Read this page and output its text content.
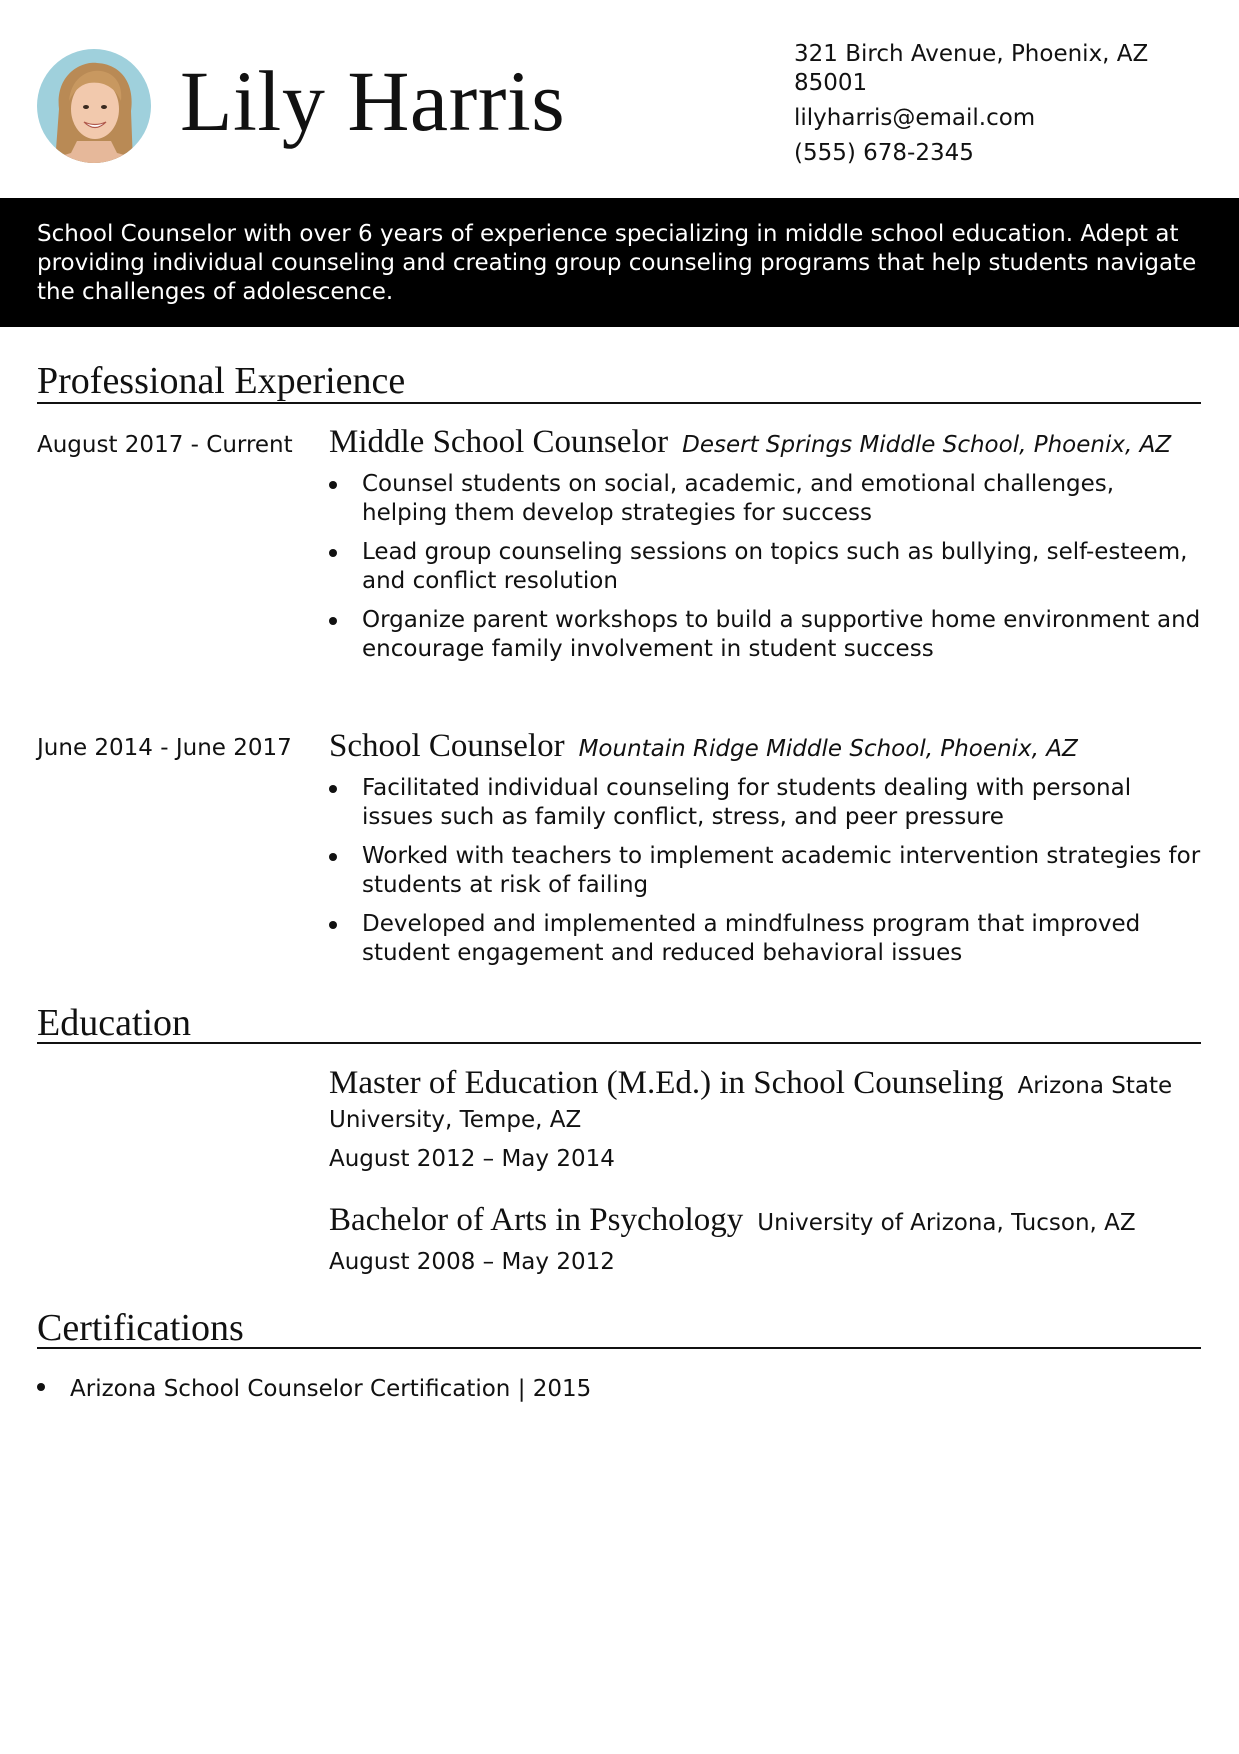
Lily Harris	321 Birch Avenue, Phoenix, AZ 85001
lilyharris@email.com
(555) 678-2345
School Counselor with over 6 years of experience specializing in middle school education. Adept at providing individual counseling and creating group counseling programs that help students navigate the challenges of adolescence.
Professional Experience
August 2017 - Current Middle School Counselor Desert Springs Middle School, Phoenix, AZ
Counsel students on social, academic, and emotional challenges, helping them develop strategies for success
Lead group counseling sessions on topics such as bullying, self-esteem, and conflict resolution
Organize parent workshops to build a supportive home environment and encourage family involvement in student success
June 2014 - June 2017 School Counselor Mountain Ridge Middle School, Phoenix, AZ
Facilitated individual counseling for students dealing with personal issues such as family conflict, stress, and peer pressure
Worked with teachers to implement academic intervention strategies for students at risk of failing
Developed and implemented a mindfulness program that improved student engagement and reduced behavioral issues
Education
Master of Education (M.Ed.) in School Counseling Arizona State University, Tempe, AZ
August 2012 – May 2014
Bachelor of Arts in Psychology University of Arizona, Tucson, AZ
August 2008 – May 2012
Certifications
Arizona School Counselor Certification | 2015
